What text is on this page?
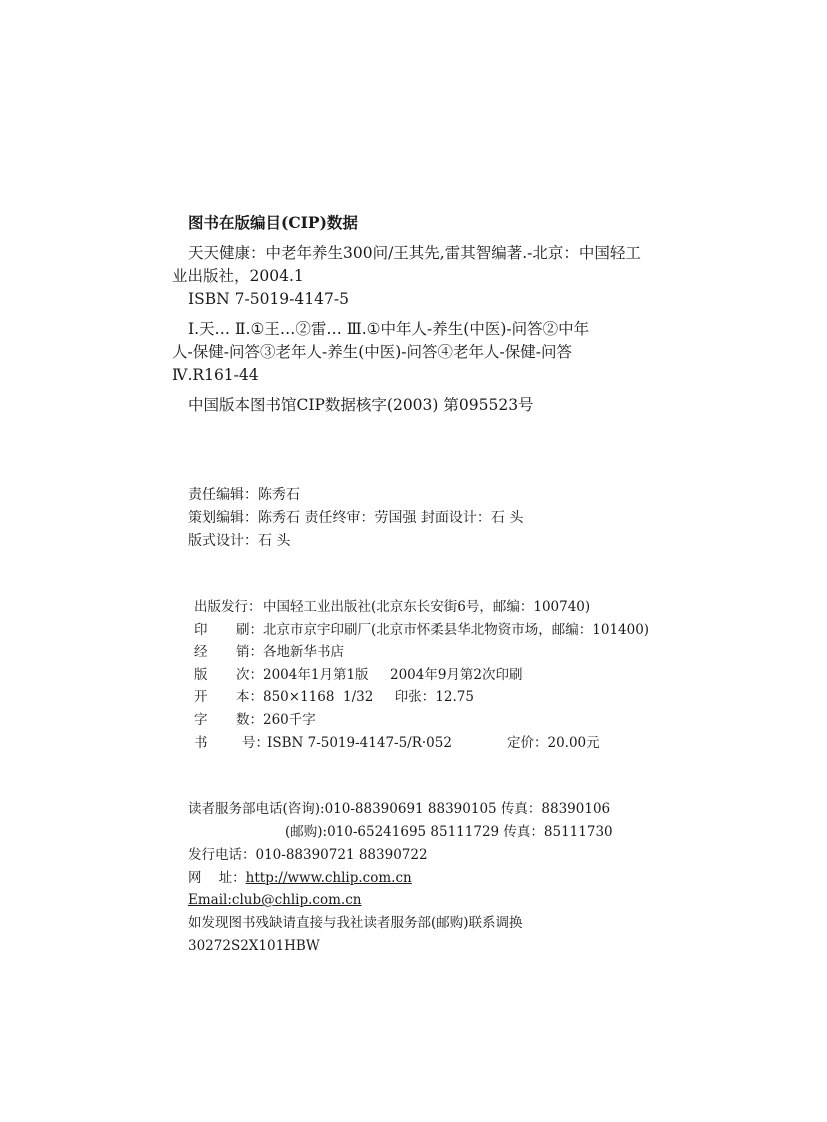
图书在版编目(CIP)数据
天天健康：中老年养生300问/王其先,雷其智编著.-北京：中国轻工
业出版社，2004.1
ISBN 7-5019-4147-5
Ⅰ.天… Ⅱ.①王…②雷… Ⅲ.①中年人-养生(中医)-问答②中年
人-保健-问答③老年人-养生(中医)-问答④老年人-保健-问答
Ⅳ.R161-44
中国版本图书馆CIP数据核字(2003) 第095523号
责任编辑：陈秀石
策划编辑：陈秀石 责任终审：劳国强 封面设计：石 头
版式设计：石 头
出版发行： 中国轻工业出版社(北京东长安街6号，邮编：100740)
印 刷： 北京市京宇印刷厂(北京市怀柔县华北物资市场，邮编：101400)
经 销： 各地新华书店
版 次： 2004年1月第1版     2004年9月第2次印刷
开 本： 850×1168  1/32     印张：12.75
字 数： 260千字
书	号：
ISBN 7-5019-4147-5/R·052	定价：20.00元
读者服务部电话(咨询):010-88390691 88390105 传真：88390106
(邮购):010-65241695 85111729 传真：85111730
发行电话：010-88390721 88390722
网    址：http://www.chlip.com.cn
Email:club@chlip.com.cn
如发现图书残缺请直接与我社读者服务部(邮购)联系调换
30272S2X101HBW
